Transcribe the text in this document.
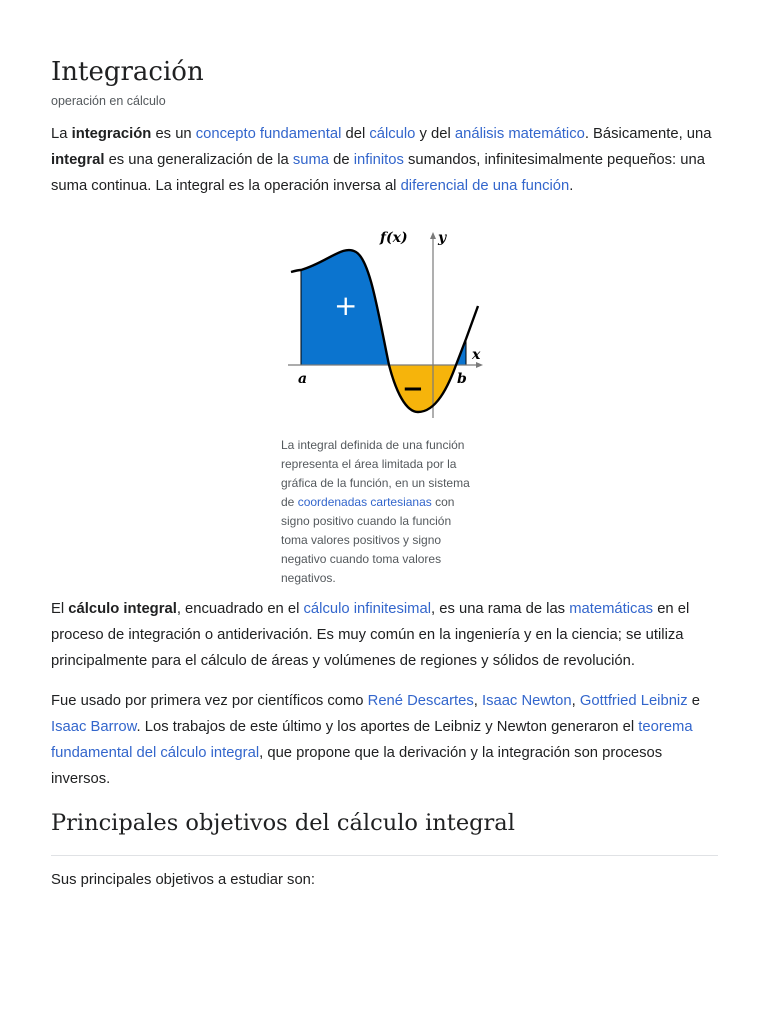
Integración
operación en cálculo

La integración es un concepto fundamental del cálculo y del análisis matemático. Básicamente, una integral es una generalización de la suma de infinitos sumandos, infinitesimalmente pequeños: una suma continua. La integral es la operación inversa al diferencial de una función.

f(x) y
x
a	b
+
−
La integral definida de una función representa el área limitada por la gráfica de la función, en un sistema de coordenadas cartesianas con signo positivo cuando la función toma valores positivos y signo negativo cuando toma valores negativos.

El cálculo integral, encuadrado en el cálculo infinitesimal, es una rama de las matemáticas en el proceso de integración o antiderivación. Es muy común en la ingeniería y en la ciencia; se utiliza principalmente para el cálculo de áreas y volúmenes de regiones y sólidos de revolución.

Fue usado por primera vez por científicos como René Descartes, Isaac Newton, Gottfried Leibniz e Isaac Barrow. Los trabajos de este último y los aportes de Leibniz y Newton generaron el teorema fundamental del cálculo integral, que propone que la derivación y la integración son procesos inversos.

Principales objetivos del cálculo integral

Sus principales objetivos a estudiar son:
